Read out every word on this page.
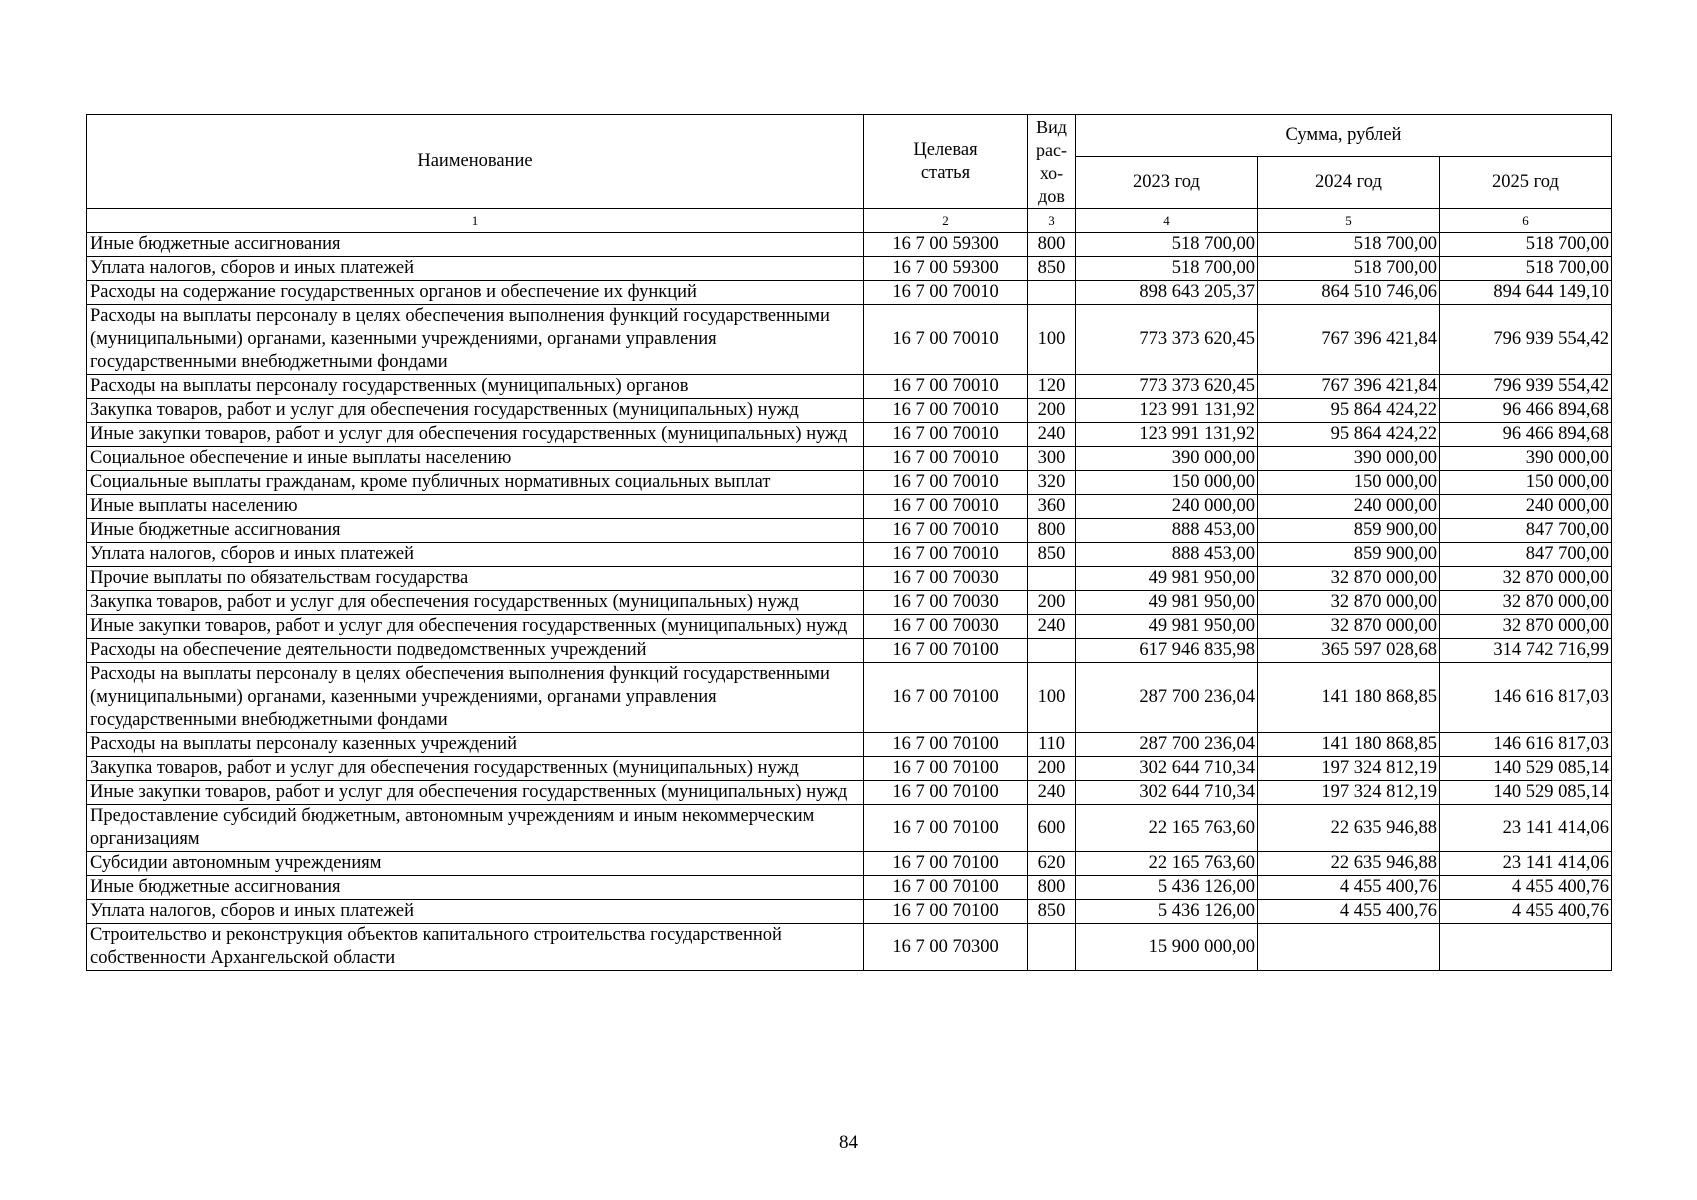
Наименование	Целевая статья	Вид рас-хо-дов	Сумма, рублей		
			2023 год	2024 год	2025 год
1	2	3	4	5	6
Иные бюджетные ассигнования	16 7 00 59300	800	518 700,00	518 700,00	518 700,00
Уплата налогов, сборов и иных платежей	16 7 00 59300	850	518 700,00	518 700,00	518 700,00
Расходы на содержание государственных органов и обеспечение их функций	16 7 00 70010		898 643 205,37	864 510 746,06	894 644 149,10
Расходы на выплаты персоналу в целях обеспечения выполнения функций государственными (муниципальными) органами, казенными учреждениями, органами управления государственными внебюджетными фондами	16 7 00 70010	100	773 373 620,45	767 396 421,84	796 939 554,42
Расходы на выплаты персоналу государственных (муниципальных) органов	16 7 00 70010	120	773 373 620,45	767 396 421,84	796 939 554,42
Закупка товаров, работ и услуг для обеспечения государственных (муниципальных) нужд	16 7 00 70010	200	123 991 131,92	95 864 424,22	96 466 894,68
Иные закупки товаров, работ и услуг для обеспечения государственных (муниципальных) нужд	16 7 00 70010	240	123 991 131,92	95 864 424,22	96 466 894,68
Социальное обеспечение и иные выплаты населению	16 7 00 70010	300	390 000,00	390 000,00	390 000,00
Социальные выплаты гражданам, кроме публичных нормативных социальных выплат	16 7 00 70010	320	150 000,00	150 000,00	150 000,00
Иные выплаты населению	16 7 00 70010	360	240 000,00	240 000,00	240 000,00
Иные бюджетные ассигнования	16 7 00 70010	800	888 453,00	859 900,00	847 700,00
Уплата налогов, сборов и иных платежей	16 7 00 70010	850	888 453,00	859 900,00	847 700,00
Прочие выплаты по обязательствам государства	16 7 00 70030		49 981 950,00	32 870 000,00	32 870 000,00
Закупка товаров, работ и услуг для обеспечения государственных (муниципальных) нужд	16 7 00 70030	200	49 981 950,00	32 870 000,00	32 870 000,00
Иные закупки товаров, работ и услуг для обеспечения государственных (муниципальных) нужд	16 7 00 70030	240	49 981 950,00	32 870 000,00	32 870 000,00
Расходы на обеспечение деятельности подведомственных учреждений	16 7 00 70100		617 946 835,98	365 597 028,68	314 742 716,99
Расходы на выплаты персоналу в целях обеспечения выполнения функций государственными (муниципальными) органами, казенными учреждениями, органами управления государственными внебюджетными фондами	16 7 00 70100	100	287 700 236,04	141 180 868,85	146 616 817,03
Расходы на выплаты персоналу казенных учреждений	16 7 00 70100	110	287 700 236,04	141 180 868,85	146 616 817,03
Закупка товаров, работ и услуг для обеспечения государственных (муниципальных) нужд	16 7 00 70100	200	302 644 710,34	197 324 812,19	140 529 085,14
Иные закупки товаров, работ и услуг для обеспечения государственных (муниципальных) нужд	16 7 00 70100	240	302 644 710,34	197 324 812,19	140 529 085,14
Предоставление субсидий бюджетным, автономным учреждениям и иным некоммерческим организациям	16 7 00 70100	600	22 165 763,60	22 635 946,88	23 141 414,06
Субсидии автономным учреждениям	16 7 00 70100	620	22 165 763,60	22 635 946,88	23 141 414,06
Иные бюджетные ассигнования	16 7 00 70100	800	5 436 126,00	4 455 400,76	4 455 400,76
Уплата налогов, сборов и иных платежей	16 7 00 70100	850	5 436 126,00	4 455 400,76	4 455 400,76
Строительство и реконструкция объектов капитального строительства государственной собственности Архангельской области	16 7 00 70300		15 900 000,00		
84
